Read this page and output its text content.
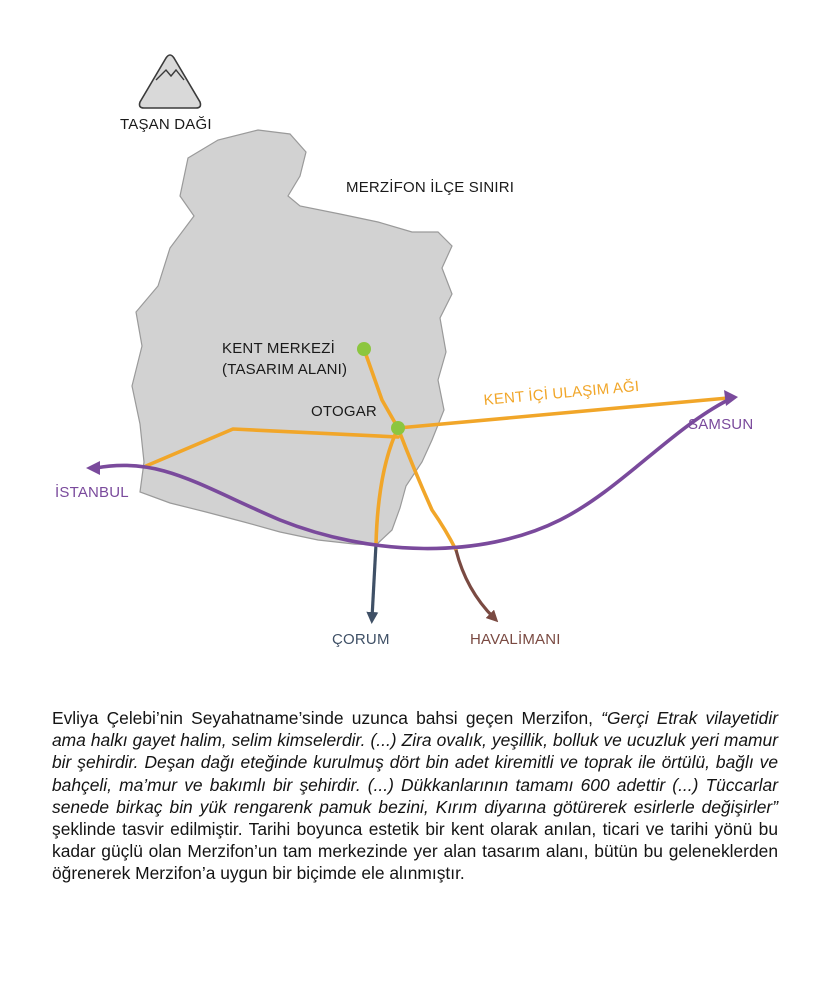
TAŞAN DAĞI
MERZİFON İLÇE SINIRI
KENT MERKEZİ
(TASARIM ALANI)
OTOGAR
KENT İÇİ ULAŞIM AĞI
SAMSUN
İSTANBUL
ÇORUM	HAVALİMANI

Evliya Çelebi’nin Seyahatname’sinde uzunca bahsi geçen Merzifon, “Gerçi Etrak vilayetidir ama halkı gayet halim, selim kimselerdir. (...) Zira ovalık, yeşillik, bolluk ve ucuzluk yeri mamur bir şehirdir. Deşan dağı eteğinde kurulmuş dört bin adet kiremitli ve toprak ile örtülü, bağlı ve bahçeli, ma’mur ve bakımlı bir şehirdir. (...) Dükkanlarının tamamı 600 adettir (...) Tüccarlar senede birkaç bin yük rengarenk pamuk bezini, Kırım diyarına götürerek esirlerle değişirler” şeklinde tasvir edilmiştir. Tarihi boyunca estetik bir kent olarak anılan, ticari ve tarihi yönü bu kadar güçlü olan Merzifon’un tam merkezinde yer alan tasarım alanı, bütün bu geleneklerden öğrenerek Merzifon’a uygun bir biçimde ele alınmıştır.
